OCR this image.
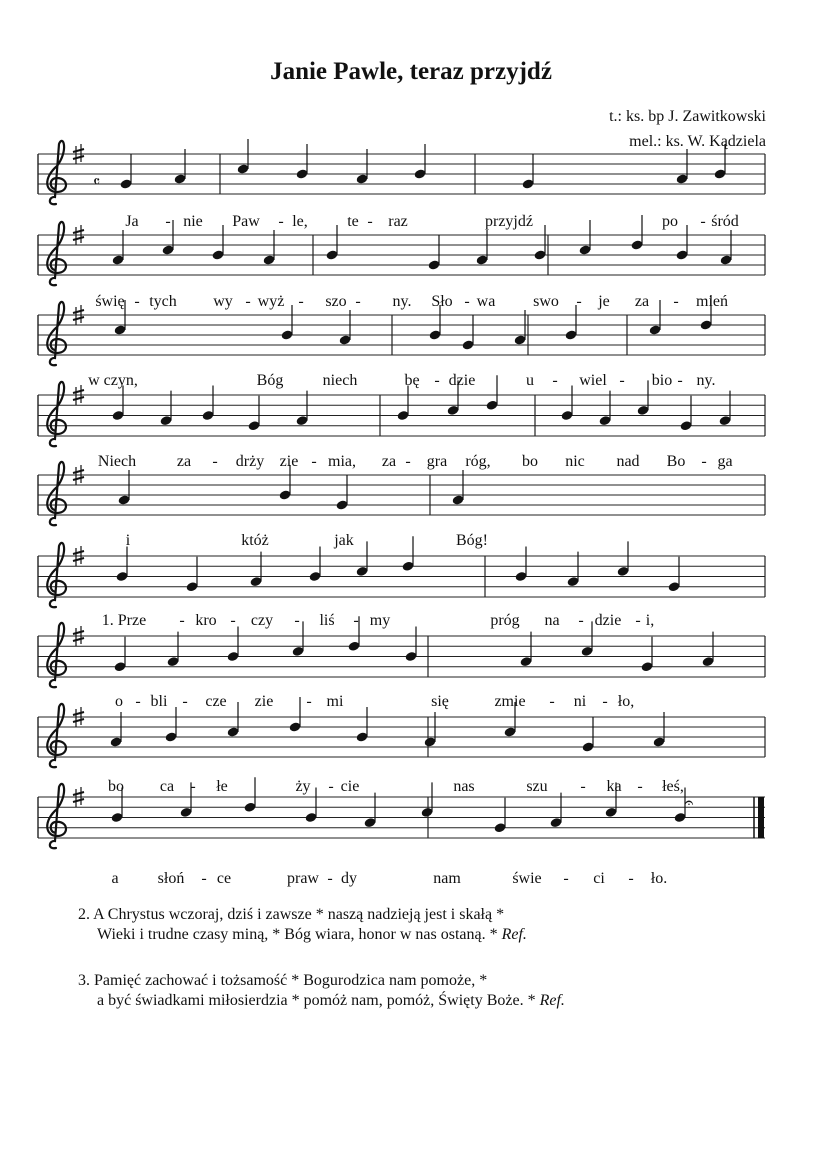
Janie Pawle, teraz przyjdź
t.: ks. bp J. Zawitkowski
mel.: ks. W. Kądziela
Ja - nie Paw - le, te - raz	przyjdź	po - śród
świę - tych wy - wyż - szo - ny. Sło - wa swo - je za - mień
w czyn,	Bóg niech	bę - dzie	u - wiel - bio - ny.
Niech	za - drży zie - mia, za - gra róg, bo nic nad Bo - ga
i	któż	jak	Bóg!
1. Prze - kro - czy - liś - my	próg na - dzie - i,
o - bli - cze zie - mi	się	zmie - ni - ło,
bo ca - łe	ży - cie	nas	szu - ka - łeś,
a słoń - ce	praw - dy	nam	świe - ci - ło.
𝄴
𝄐
2. A Chrystus wczoraj, dziś i zawsze * naszą nadzieją jest i skałą *
Wieki i trudne czasy miną, * Bóg wiara, honor w nas ostaną. * Ref.
3. Pamięć zachować i tożsamość * Bogurodzica nam pomoże, *
a być świadkami miłosierdzia * pomóż nam, pomóż, Święty Boże. * Ref.
